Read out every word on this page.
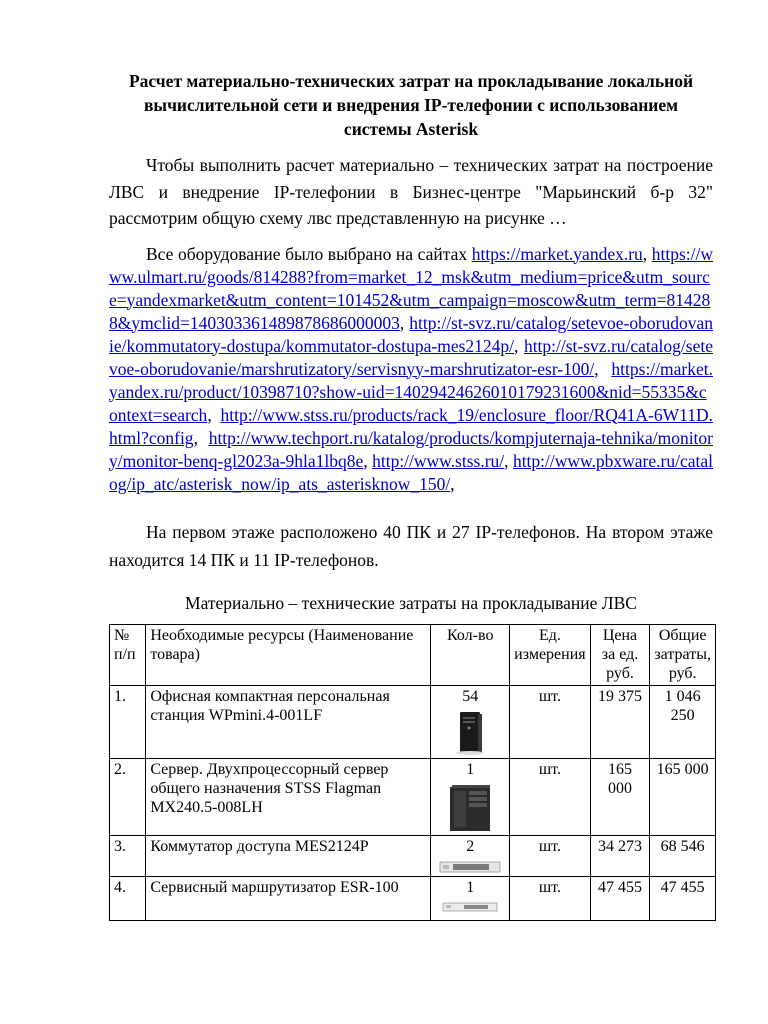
Расчет материально-технических затрат на прокладывание локальной вычислительной сети и внедрения IP-телефонии с использованием системы Asterisk

Чтобы выполнить расчет материально – технических затрат на построение ЛВС и внедрение IP-телефонии в Бизнес-центре "Марьинский б-р 32" рассмотрим общую схему лвс представленную на рисунке …

Все оборудование было выбрано на сайтах https://market.yandex.ru, https://www.ulmart.ru/goods/814288?from=market_12_msk&utm_medium=price&utm_source=yandexmarket&utm_content=101452&utm_campaign=moscow&utm_term=814288&ymclid=140303361489878686000003, http://st-svz.ru/catalog/setevoe-oborudovanie/kommutatory-dostupa/kommutator-dostupa-mes2124p/, http://st-svz.ru/catalog/setevoe-oborudovanie/marshrutizatory/servisnyy-marshrutizator-esr-100/, https://market.yandex.ru/product/10398710?show-uid=14029424626010179231600&nid=55335&context=search, http://www.stss.ru/products/rack_19/enclosure_floor/RQ41A-6W11D.html?config, http://www.techport.ru/katalog/products/kompjuternaja-tehnika/monitory/monitor-benq-gl2023a-9hla1lbq8e, http://www.stss.ru/, http://www.pbxware.ru/catalog/ip_atc/asterisk_now/ip_ats_asterisknow_150/,

На первом этаже расположено 40 ПК и 27 IP-телефонов. На втором этаже находится 14 ПК и 11 IP-телефонов.

Материально – технические затраты на прокладывание ЛВС

№ п/п	Необходимые ресурсы (Наименование товара)	Кол-во	Ед. измерения	Цена за ед. руб.	Общие затраты, руб.
1.	Офисная компактная персональная станция WPmini.4-001LF	54	шт.	19 375	1 046 250
2.	Сервер. Двухпроцессорный сервер общего назначения STSS Flagman MX240.5-008LH	1	шт.	165 000	165 000
3.	Коммутатор доступа MES2124P	2	шт.	34 273	68 546
4.	Сервисный маршрутизатор ESR-100	1	шт.	47 455	47 455
